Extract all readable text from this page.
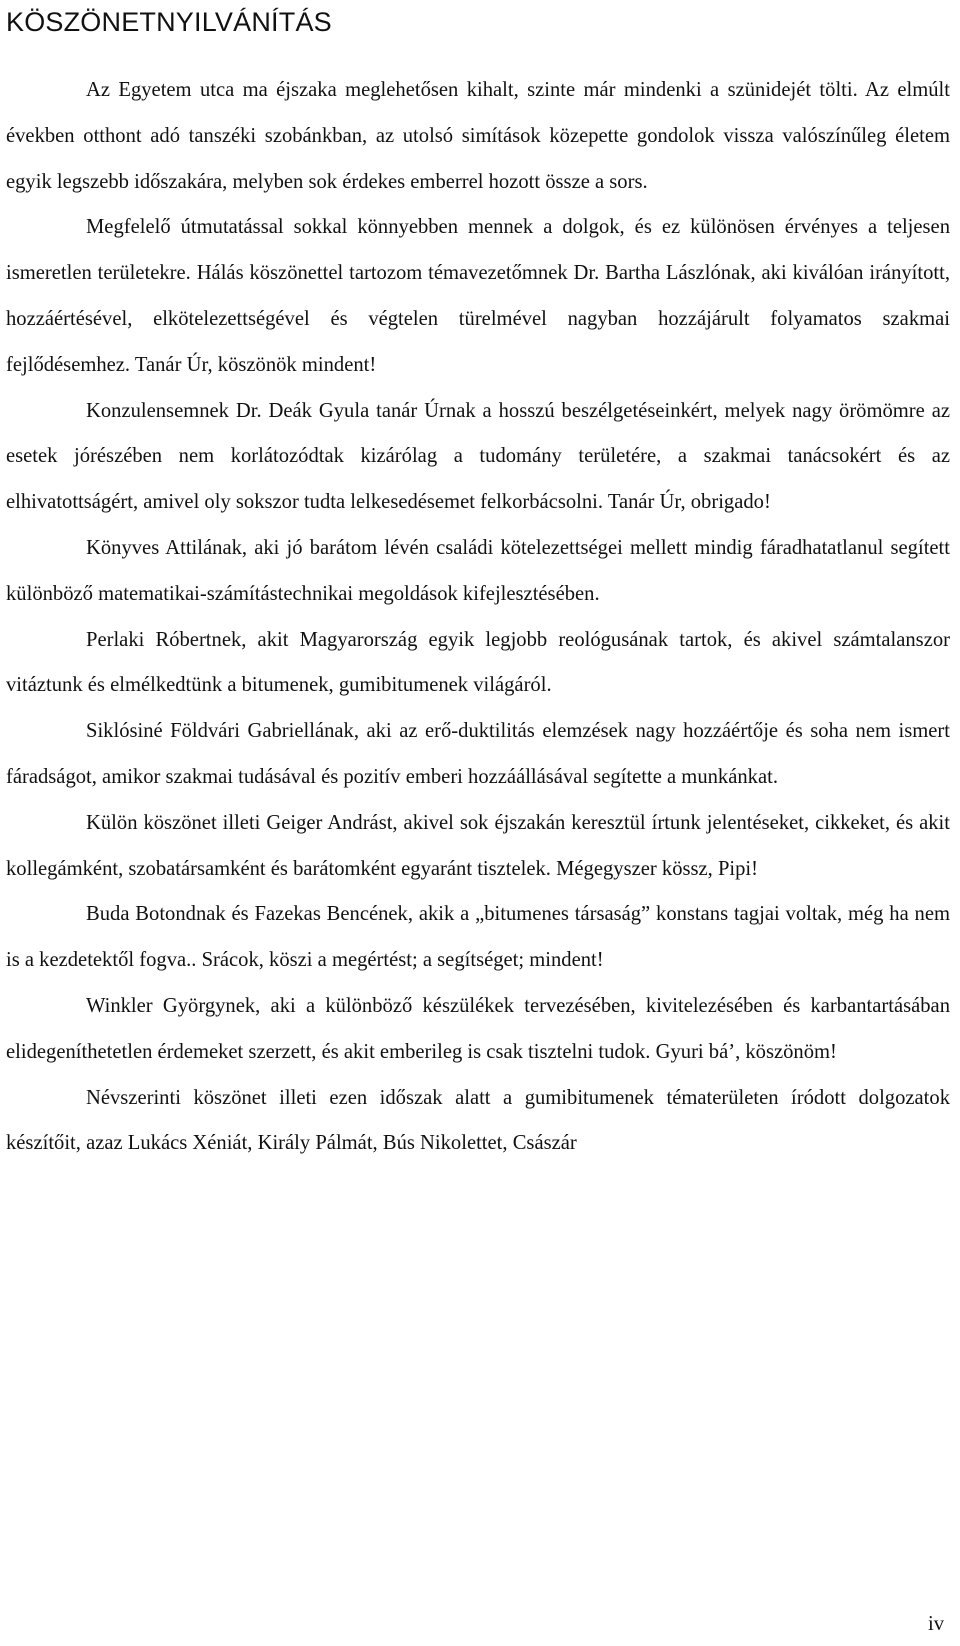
KÖSZÖNETNYILVÁNÍTÁS

Az Egyetem utca ma éjszaka meglehetősen kihalt, szinte már mindenki a szünidejét tölti. Az elmúlt években otthont adó tanszéki szobánkban, az utolsó simítások közepette gondolok vissza valószínűleg életem egyik legszebb időszakára, melyben sok érdekes emberrel hozott össze a sors.

Megfelelő útmutatással sokkal könnyebben mennek a dolgok, és ez különösen érvényes a teljesen ismeretlen területekre. Hálás köszönettel tartozom témavezetőmnek Dr. Bartha Lászlónak, aki kiválóan irányított, hozzáértésével, elkötelezettségével és végtelen türelmével nagyban hozzájárult folyamatos szakmai fejlődésemhez. Tanár Úr, köszönök mindent!

Konzulensemnek Dr. Deák Gyula tanár Úrnak a hosszú beszélgetéseinkért, melyek nagy örömömre az esetek jórészében nem korlátozódtak kizárólag a tudomány területére, a szakmai tanácsokért és az elhivatottságért, amivel oly sokszor tudta lelkesedésemet felkorbácsolni. Tanár Úr, obrigado!

Könyves Attilának, aki jó barátom lévén családi kötelezettségei mellett mindig fáradhatatlanul segített különböző matematikai-számítástechnikai megoldások kifejlesztésében.

Perlaki Róbertnek, akit Magyarország egyik legjobb reológusának tartok, és akivel számtalanszor vitáztunk és elmélkedtünk a bitumenek, gumibitumenek világáról.

Siklósiné Földvári Gabriellának, aki az erő-duktilitás elemzések nagy hozzáértője és soha nem ismert fáradságot, amikor szakmai tudásával és pozitív emberi hozzáállásával segítette a munkánkat.

Külön köszönet illeti Geiger Andrást, akivel sok éjszakán keresztül írtunk jelentéseket, cikkeket, és akit kollegámként, szobatársamként és barátomként egyaránt tisztelek. Mégegyszer kössz, Pipi!

Buda Botondnak és Fazekas Bencének, akik a „bitumenes társaság” konstans tagjai voltak, még ha nem is a kezdetektől fogva.. Srácok, köszi a megértést; a segítséget; mindent!

Winkler Györgynek, aki a különböző készülékek tervezésében, kivitelezésében és karbantartásában elidegeníthetetlen érdemeket szerzett, és akit emberileg is csak tisztelni tudok. Gyuri bá’, köszönöm!

Névszerinti köszönet illeti ezen időszak alatt a gumibitumenek tématerületen íródott dolgozatok készítőit, azaz Lukács Xéniát, Király Pálmát, Bús Nikolettet, Császár

iv
